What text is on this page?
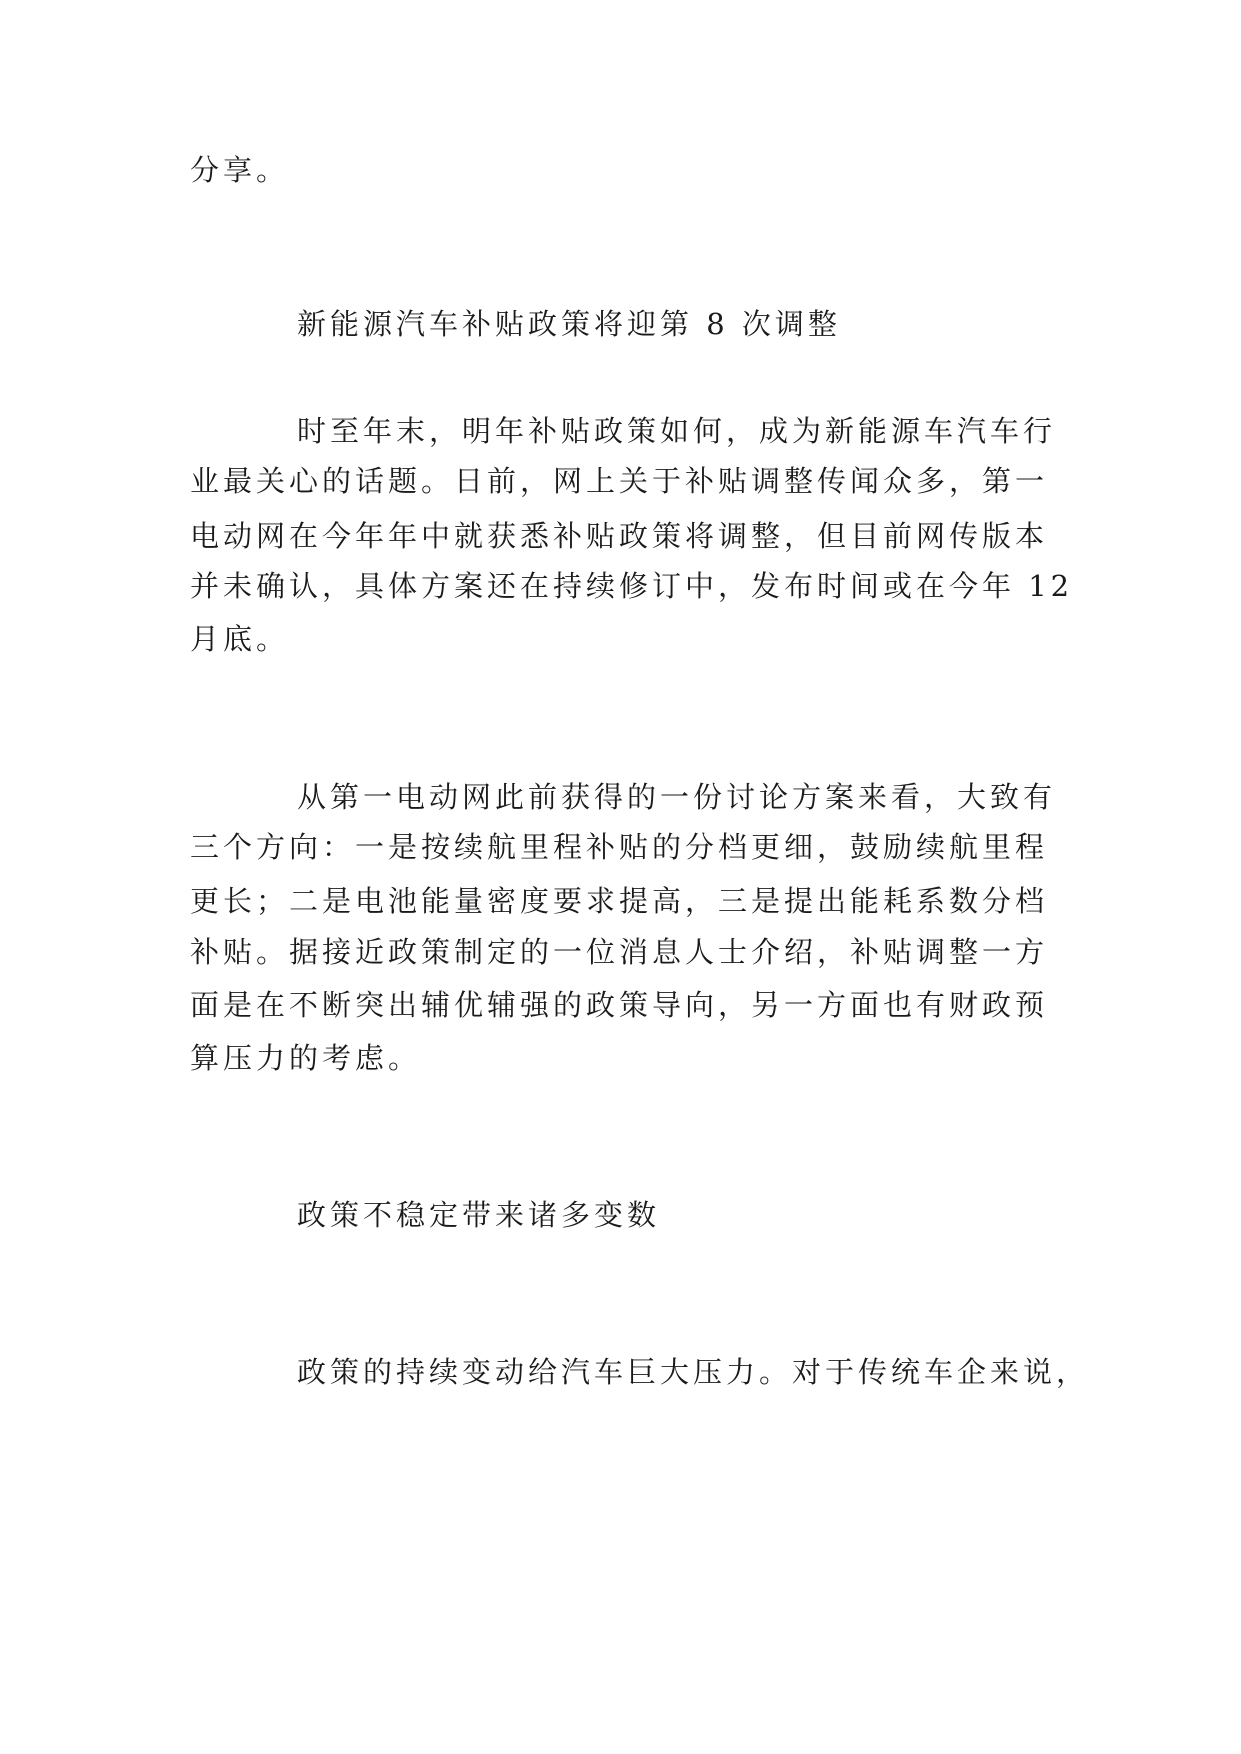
分享。
新能源汽车补贴政策将迎第 8 次调整
时至年末，明年补贴政策如何，成为新能源车汽车行
业最关心的话题。日前，网上关于补贴调整传闻众多，第一
电动网在今年年中就获悉补贴政策将调整，但目前网传版本
并未确认，具体方案还在持续修订中，发布时间或在今年 12
月底。
从第一电动网此前获得的一份讨论方案来看，大致有
三个方向：一是按续航里程补贴的分档更细，鼓励续航里程
更长；二是电池能量密度要求提高，三是提出能耗系数分档
补贴。据接近政策制定的一位消息人士介绍，补贴调整一方
面是在不断突出辅优辅强的政策导向，另一方面也有财政预
算压力的考虑。
政策不稳定带来诸多变数
政策的持续变动给汽车巨大压力。对于传统车企来说，
